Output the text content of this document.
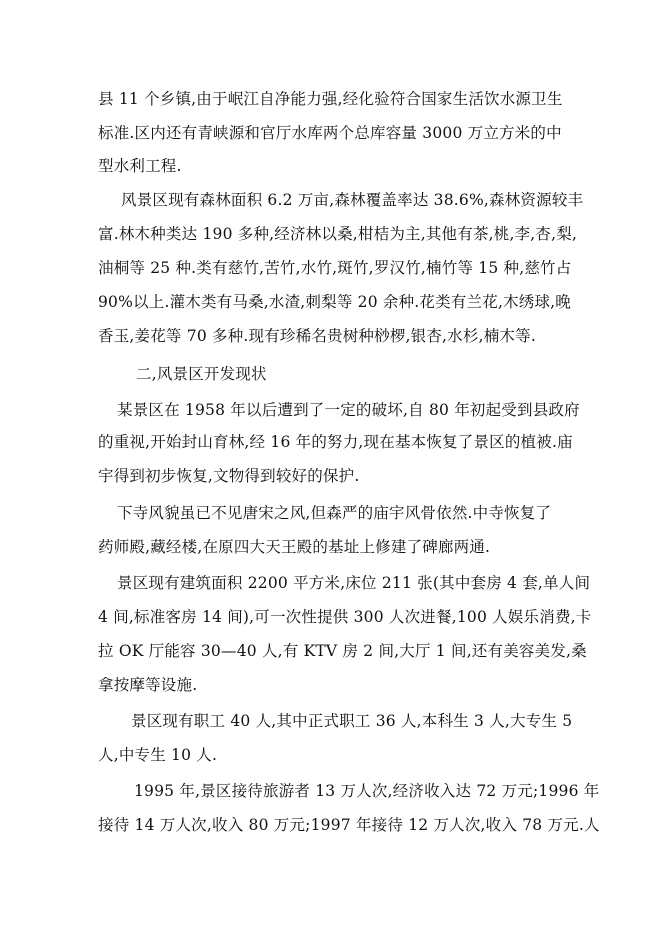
县 11 个乡镇,由于岷江自净能力强,经化验符合国家生活饮水源卫生
标准.区内还有青峡源和官厅水库两个总库容量 3000 万立方米的中
型水利工程.
风景区现有森林面积 6.2 万亩,森林覆盖率达 38.6%,森林资源较丰
富.林木种类达 190 多种,经济林以桑,柑桔为主,其他有茶,桃,李,杏,梨,
油桐等 25 种.类有慈竹,苦竹,水竹,斑竹,罗汉竹,楠竹等 15 种,慈竹占
90%以上.灌木类有马桑,水渣,刺梨等 20 余种.花类有兰花,木绣球,晚
香玉,姜花等 70 多种.现有珍稀名贵树种桫椤,银杏,水杉,楠木等.
二,风景区开发现状
某景区在 1958 年以后遭到了一定的破坏,自 80 年初起受到县政府
的重视,开始封山育林,经 16 年的努力,现在基本恢复了景区的植被.庙
宇得到初步恢复,文物得到较好的保护.
下寺风貌虽已不见唐宋之风,但森严的庙宇风骨依然.中寺恢复了
药师殿,藏经楼,在原四大天王殿的基址上修建了碑廊两通.
景区现有建筑面积 2200 平方米,床位 211 张(其中套房 4 套,单人间
4 间,标准客房 14 间),可一次性提供 300 人次进餐,100 人娱乐消费,卡
拉 OK 厅能容 30—40 人,有 KTV 房 2 间,大厅 1 间,还有美容美发,桑
拿按摩等设施.
景区现有职工 40 人,其中正式职工 36 人,本科生 3 人,大专生 5
人,中专生 10 人.
1995 年,景区接待旅游者 13 万人次,经济收入达 72 万元;1996 年
接待 14 万人次,收入 80 万元;1997 年接待 12 万人次,收入 78 万元.人
